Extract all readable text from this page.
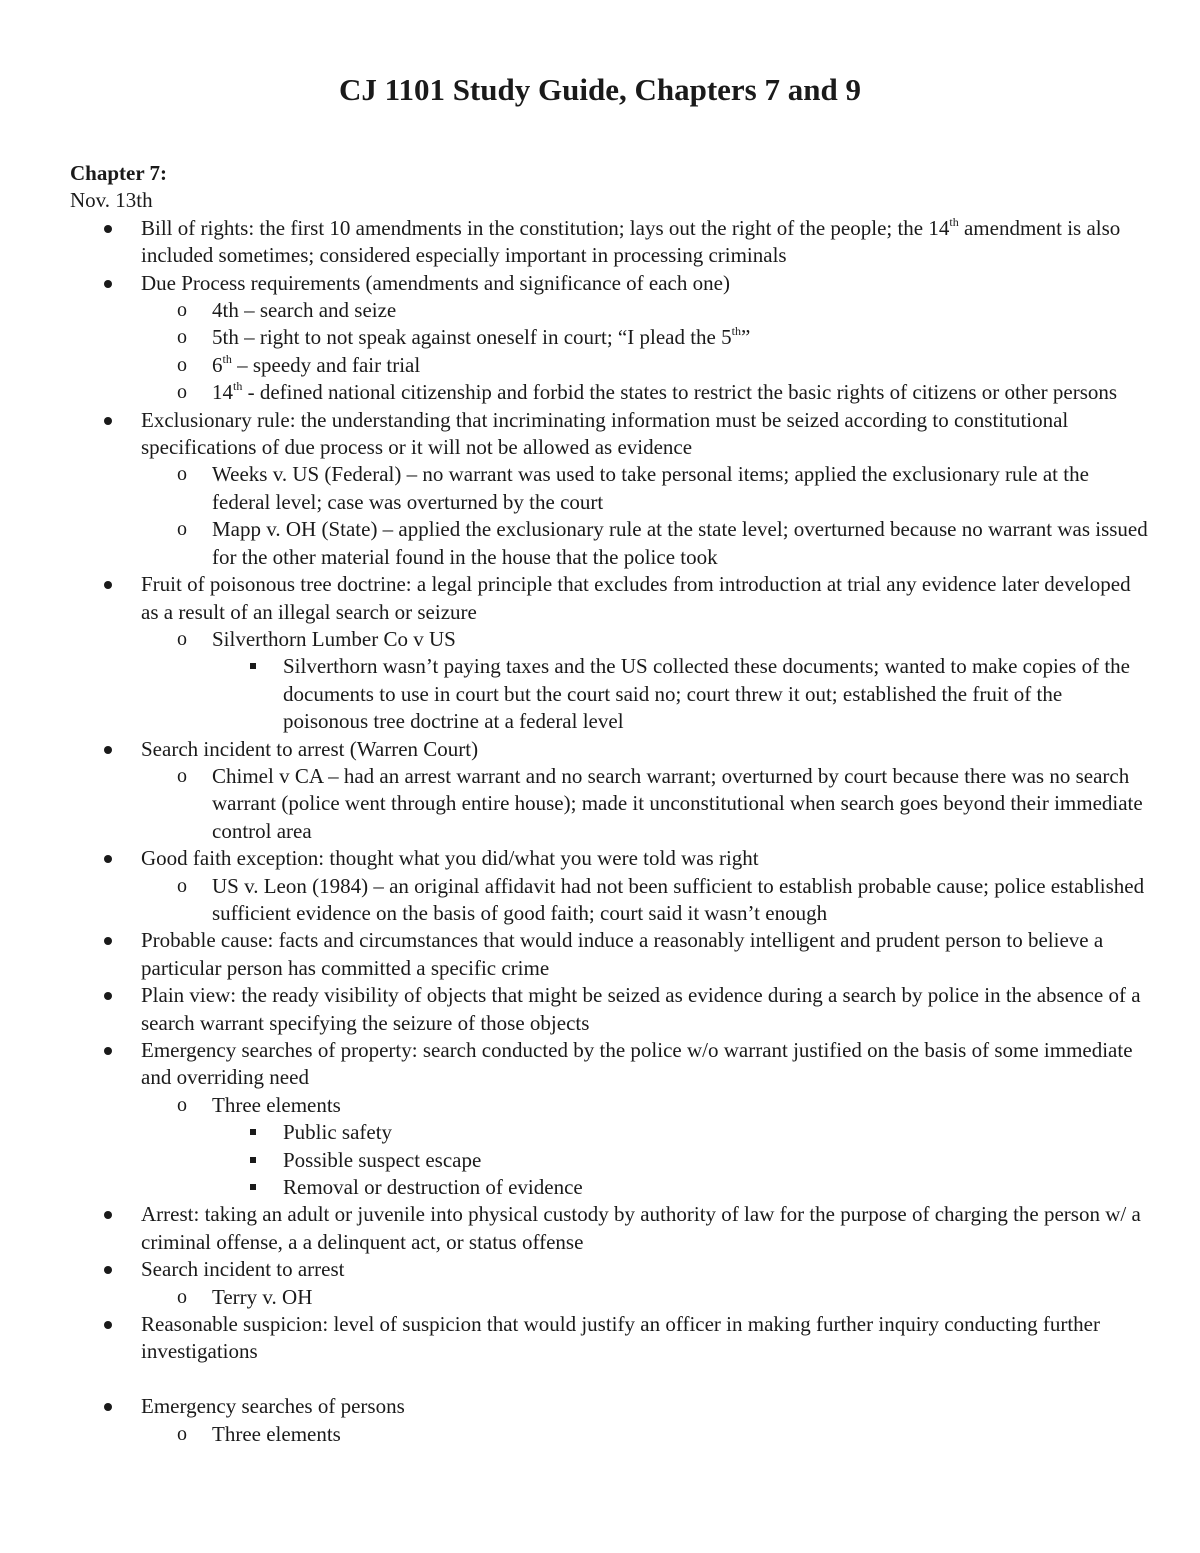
CJ 1101 Study Guide, Chapters 7 and 9

Chapter 7:

Nov. 13th

Bill of rights: the first 10 amendments in the constitution; lays out the right of the people; the 14th amendment is also included sometimes; considered especially important in processing criminals
Due Process requirements (amendments and significance of each one)
o 4th – search and seize
o 5th – right to not speak against oneself in court; “I plead the 5th”
o 6th – speedy and fair trial
o 14th - defined national citizenship and forbid the states to restrict the basic rights of citizens or other persons
Exclusionary rule: the understanding that incriminating information must be seized according to constitutional specifications of due process or it will not be allowed as evidence
o Weeks v. US (Federal) – no warrant was used to take personal items; applied the exclusionary rule at the federal level; case was overturned by the court
o Mapp v. OH (State) – applied the exclusionary rule at the state level; overturned because no warrant was issued for the other material found in the house that the police took
Fruit of poisonous tree doctrine: a legal principle that excludes from introduction at trial any evidence later developed as a result of an illegal search or seizure
o Silverthorn Lumber Co v US
Silverthorn wasn’t paying taxes and the US collected these documents; wanted to make copies of the documents to use in court but the court said no; court threw it out; established the fruit of the poisonous tree doctrine at a federal level
Search incident to arrest (Warren Court)
o Chimel v CA – had an arrest warrant and no search warrant; overturned by court because there was no search warrant (police went through entire house); made it unconstitutional when search goes beyond their immediate control area
Good faith exception: thought what you did/what you were told was right
o US v. Leon (1984) – an original affidavit had not been sufficient to establish probable cause; police established sufficient evidence on the basis of good faith; court said it wasn’t enough
Probable cause: facts and circumstances that would induce a reasonably intelligent and prudent person to believe a particular person has committed a specific crime
Plain view: the ready visibility of objects that might be seized as evidence during a search by police in the absence of a search warrant specifying the seizure of those objects
Emergency searches of property: search conducted by the police w/o warrant justified on the basis of some immediate and overriding need
o Three elements
Public safety
Possible suspect escape
Removal or destruction of evidence
Arrest: taking an adult or juvenile into physical custody by authority of law for the purpose of charging the person w/ a criminal offense, a a delinquent act, or status offense
Search incident to arrest
o Terry v. OH
Reasonable suspicion: level of suspicion that would justify an officer in making further inquiry conducting further investigations
Emergency searches of persons
o Three elements
